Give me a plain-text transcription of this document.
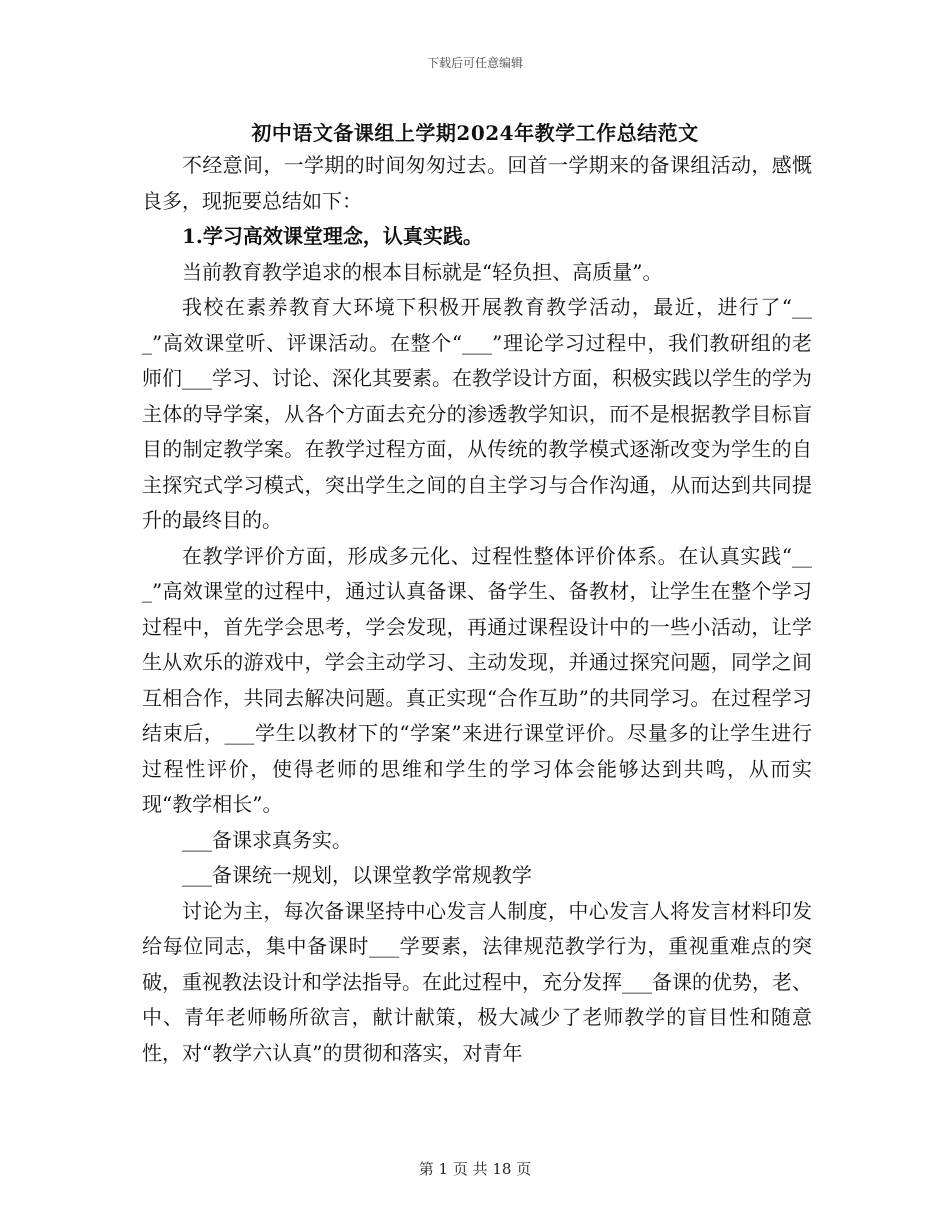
下载后可任意编辑
初中语文备课组上学期2024年教学工作总结范文

不经意间，一学期的时间匆匆过去。回首一学期来的备课组活动，感慨良多，现扼要总结如下：

1.学习高效课堂理念，认真实践。

当前教育教学追求的根本目标就是“轻负担、高质量”。

我校在素养教育大环境下积极开展教育教学活动，最近，进行了“___”高效课堂听、评课活动。在整个“___”理论学习过程中，我们教研组的老师们___学习、讨论、深化其要素。在教学设计方面，积极实践以学生的学为主体的导学案，从各个方面去充分的渗透教学知识，而不是根据教学目标盲目的制定教学案。在教学过程方面，从传统的教学模式逐渐改变为学生的自主探究式学习模式，突出学生之间的自主学习与合作沟通，从而达到共同提升的最终目的。

在教学评价方面，形成多元化、过程性整体评价体系。在认真实践“___”高效课堂的过程中，通过认真备课、备学生、备教材，让学生在整个学习过程中，首先学会思考，学会发现，再通过课程设计中的一些小活动，让学生从欢乐的游戏中，学会主动学习、主动发现，并通过探究问题，同学之间互相合作，共同去解决问题。真正实现“合作互助”的共同学习。在过程学习结束后，___学生以教材下的“学案”来进行课堂评价。尽量多的让学生进行过程性评价，使得老师的思维和学生的学习体会能够达到共鸣，从而实现“教学相长”。

___备课求真务实。

___备课统一规划，以课堂教学常规教学

讨论为主，每次备课坚持中心发言人制度，中心发言人将发言材料印发给每位同志，集中备课时___学要素，法律规范教学行为，重视重难点的突破，重视教法设计和学法指导。在此过程中，充分发挥___备课的优势，老、中、青年老师畅所欲言，献计献策，极大减少了老师教学的盲目性和随意性，对“教学六认真”的贯彻和落实，对青年

第 1 页 共 18 页
